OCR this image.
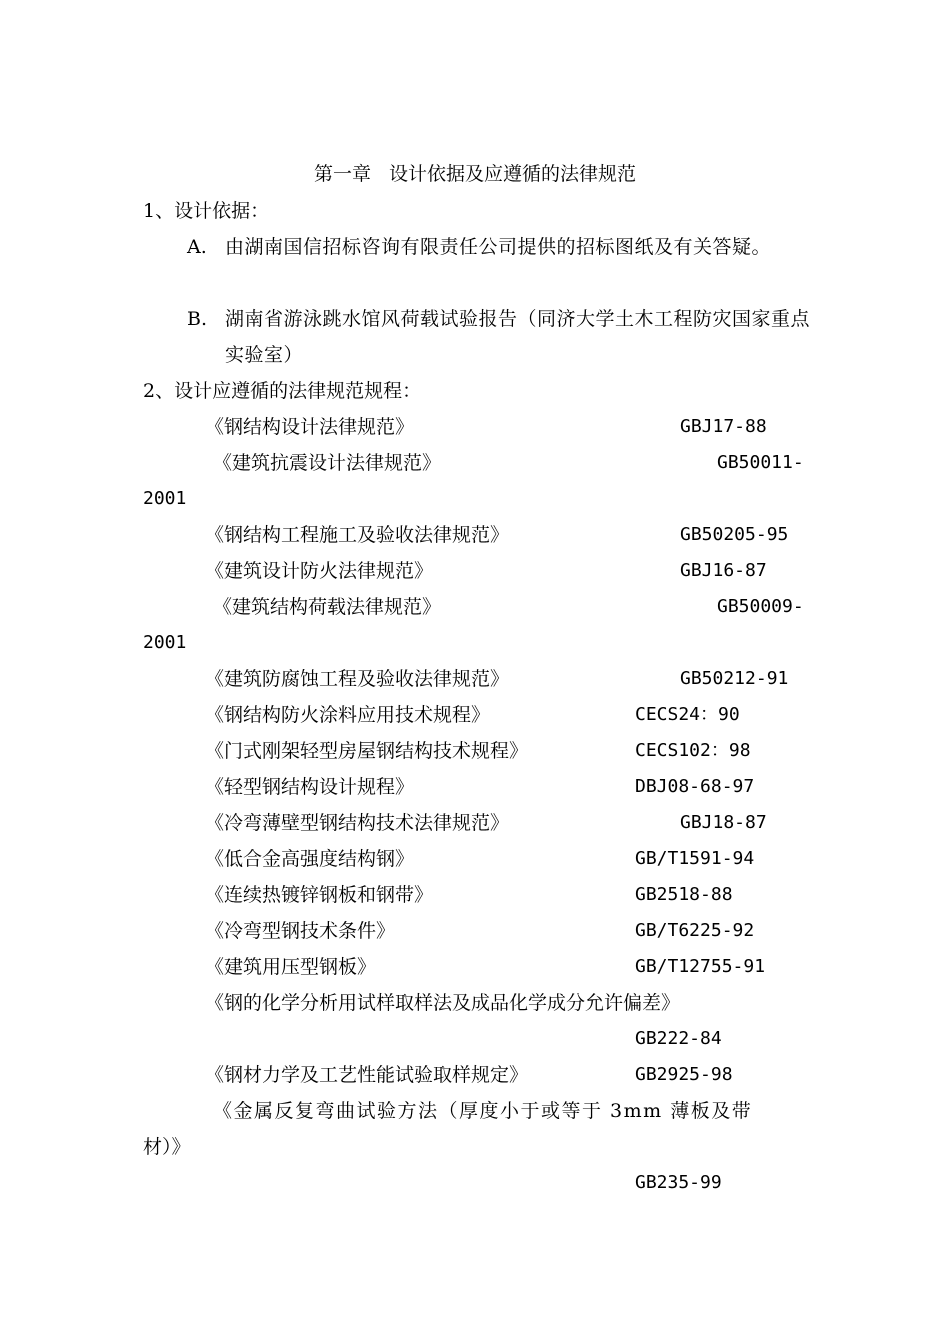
第一章   设计依据及应遵循的法律规范
1、设计依据：
A. 由湖南国信招标咨询有限责任公司提供的招标图纸及有关答疑。
B. 湖南省游泳跳水馆风荷载试验报告（同济大学土木工程防灾国家重点实验室）
2、设计应遵循的法律规范规程：
《钢结构设计法律规范》	GBJ17-88
《建筑抗震设计法律规范》	GB50011-
2001
《钢结构工程施工及验收法律规范》	GB50205-95
《建筑设计防火法律规范》	GBJ16-87
《建筑结构荷载法律规范》	GB50009-
2001
《建筑防腐蚀工程及验收法律规范》	GB50212-91
《钢结构防火涂料应用技术规程》	CECS24：90
《门式刚架轻型房屋钢结构技术规程》	CECS102：98
《轻型钢结构设计规程》	DBJ08-68-97
《冷弯薄壁型钢结构技术法律规范》	GBJ18-87
《低合金高强度结构钢》	GB/T1591-94
《连续热镀锌钢板和钢带》	GB2518-88
《冷弯型钢技术条件》	GB/T6225-92
《建筑用压型钢板》	GB/T12755-91
《钢的化学分析用试样取样法及成品化学成分允许偏差》
GB222-84
《钢材力学及工艺性能试验取样规定》	GB2925-98
《金属反复弯曲试验方法（厚度小于或等于 3mm 薄板及带
材）》
GB235-99
